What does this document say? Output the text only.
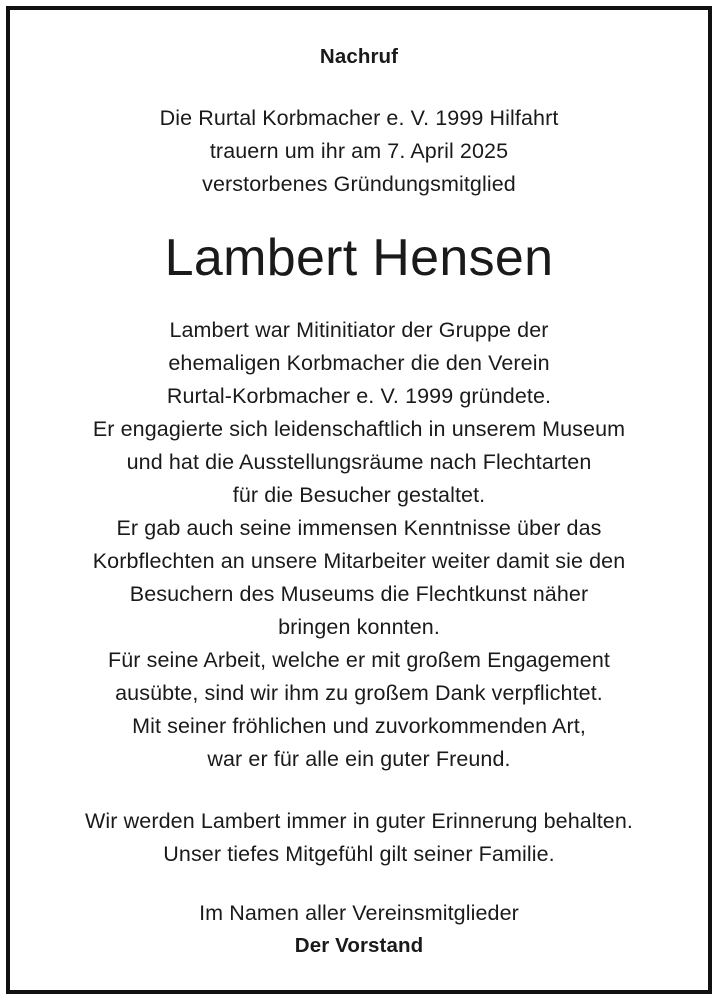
Nachruf
Die Rurtal Korbmacher e. V. 1999 Hilfahrt
trauern um ihr am 7. April 2025
verstorbenes Gründungsmitglied
Lambert Hensen
Lambert war Mitinitiator der Gruppe der
ehemaligen Korbmacher die den Verein
Rurtal-Korbmacher e. V. 1999 gründete.
Er engagierte sich leidenschaftlich in unserem Museum
und hat die Ausstellungsräume nach Flechtarten
für die Besucher gestaltet.
Er gab auch seine immensen Kenntnisse über das
Korbflechten an unsere Mitarbeiter weiter damit sie den
Besuchern des Museums die Flechtkunst näher
bringen konnten.
Für seine Arbeit, welche er mit großem Engagement
ausübte, sind wir ihm zu großem Dank verpflichtet.
Mit seiner fröhlichen und zuvorkommenden Art,
war er für alle ein guter Freund.
Wir werden Lambert immer in guter Erinnerung behalten.
Unser tiefes Mitgefühl gilt seiner Familie.
Im Namen aller Vereinsmitglieder
Der Vorstand
